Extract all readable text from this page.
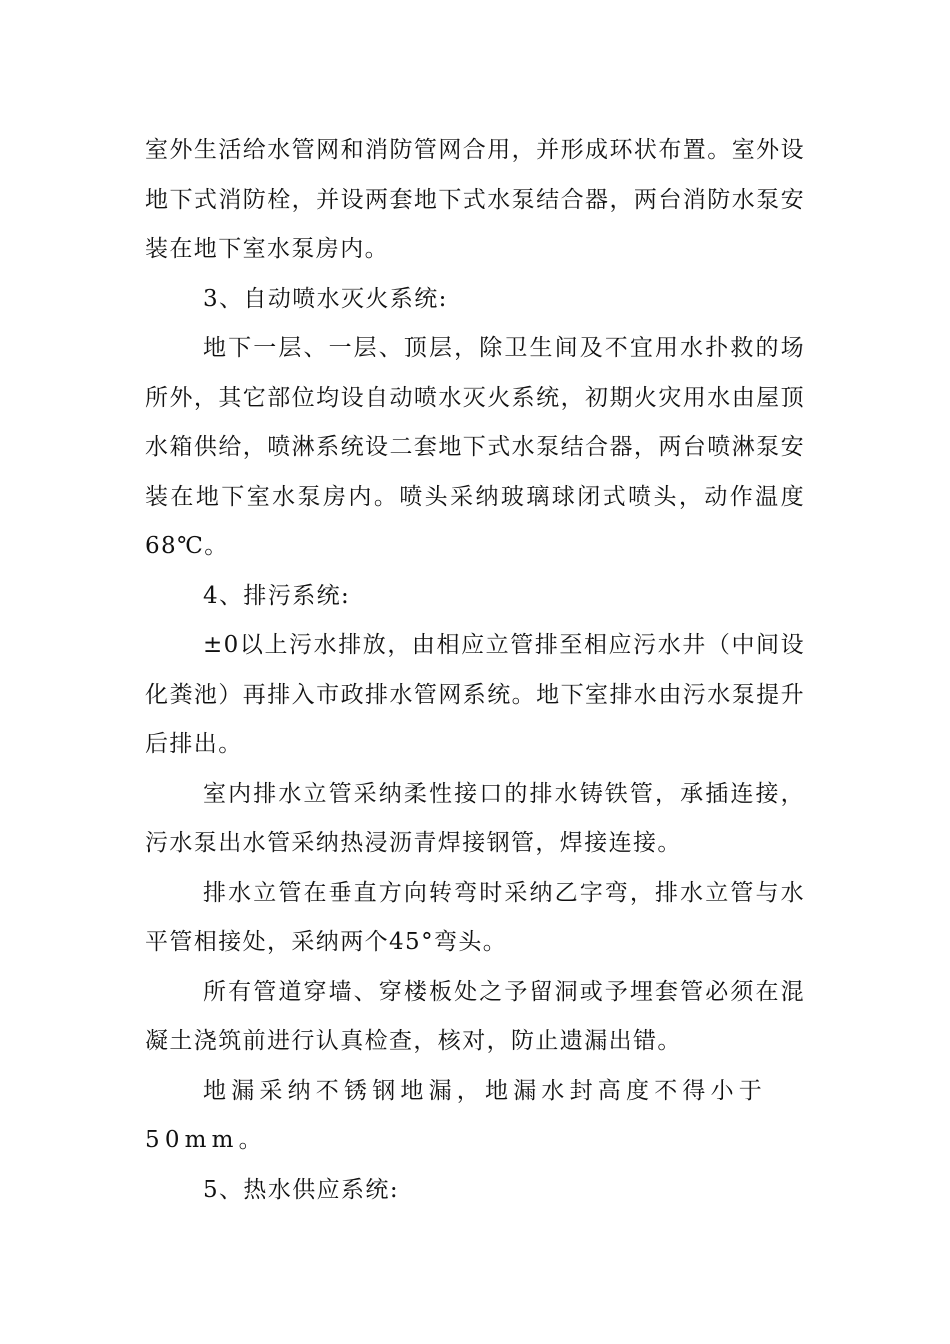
室外生活给水管网和消防管网合用，并形成环状布置。室外设地下式消防栓，并设两套地下式水泵结合器，两台消防水泵安装在地下室水泵房内。

3、自动喷水灭火系统:

地下一层、一层、顶层，除卫生间及不宜用水扑救的场所外，其它部位均设自动喷水灭火系统，初期火灾用水由屋顶水箱供给，喷淋系统设二套地下式水泵结合器，两台喷淋泵安装在地下室水泵房内。喷头采纳玻璃球闭式喷头，动作温度68℃。

4、排污系统:

±0以上污水排放，由相应立管排至相应污水井（中间设化粪池）再排入市政排水管网系统。地下室排水由污水泵提升后排出。

室内排水立管采纳柔性接口的排水铸铁管，承插连接，污水泵出水管采纳热浸沥青焊接钢管，焊接连接。

排水立管在垂直方向转弯时采纳乙字弯，排水立管与水平管相接处，采纳两个45°弯头。

所有管道穿墙、穿楼板处之予留洞或予埋套管必须在混凝土浇筑前进行认真检查，核对，防止遗漏出错。

地漏采纳不锈钢地漏，地漏水封高度不得小于50mm。

5、热水供应系统:
